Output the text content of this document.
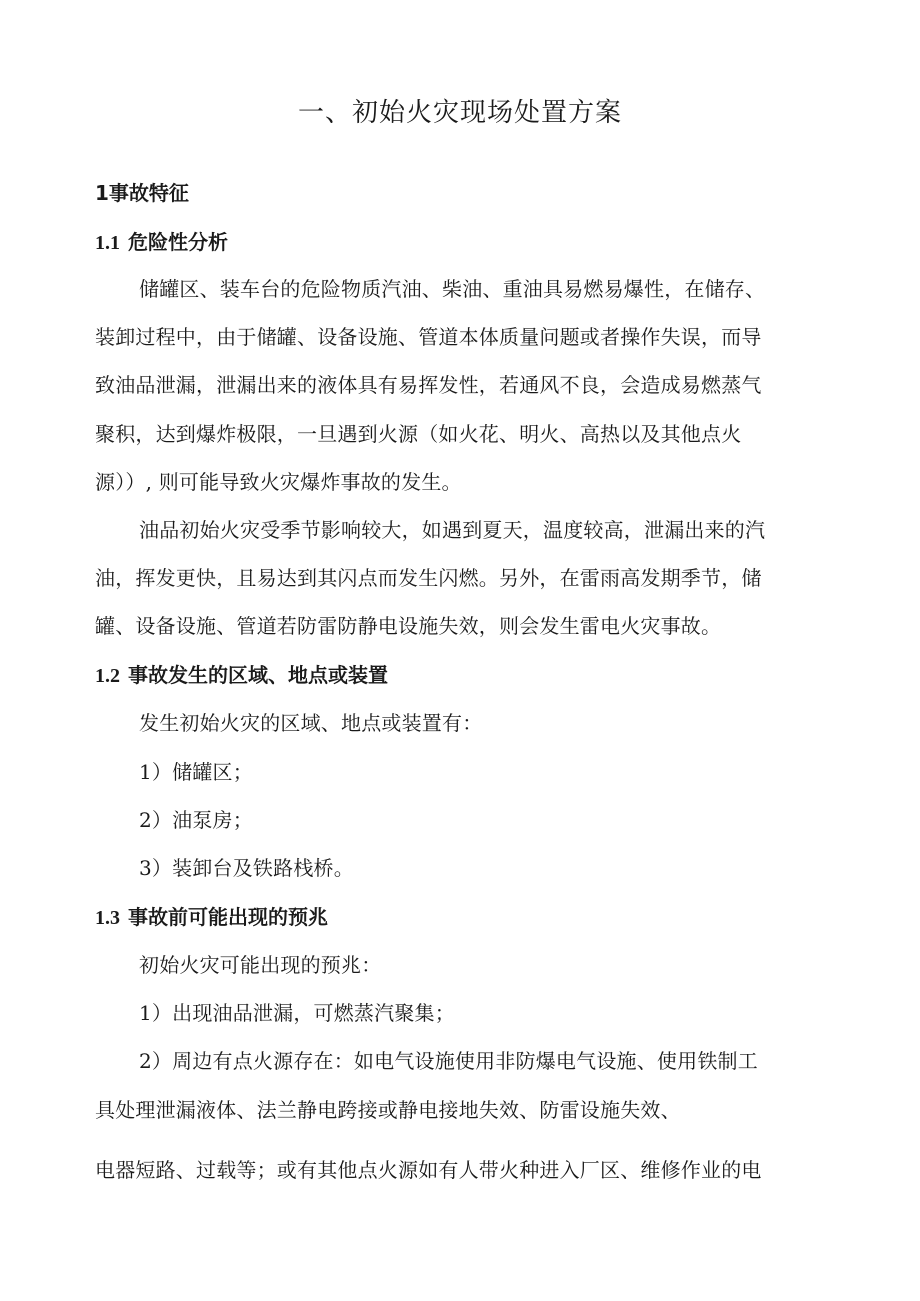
一、初始火灾现场处置方案
1事故特征
1.1 危险性分析
储罐区、装车台的危险物质汽油、柴油、重油具易燃易爆性，在储存、
装卸过程中，由于储罐、设备设施、管道本体质量问题或者操作失误，而导
致油品泄漏，泄漏出来的液体具有易挥发性，若通风不良，会造成易燃蒸气
聚积，达到爆炸极限，一旦遇到火源（如火花、明火、高热以及其他点火
源））, 则可能导致火灾爆炸事故的发生。
油品初始火灾受季节影响较大，如遇到夏天，温度较高，泄漏出来的汽
油，挥发更快，且易达到其闪点而发生闪燃。另外，在雷雨高发期季节，储
罐、设备设施、管道若防雷防静电设施失效，则会发生雷电火灾事故。
1.2 事故发生的区域、地点或装置
发生初始火灾的区域、地点或装置有：
1）储罐区；
2）油泵房；
3）装卸台及铁路栈桥。
1.3 事故前可能出现的预兆
初始火灾可能出现的预兆：
1）出现油品泄漏，可燃蒸汽聚集；
2）周边有点火源存在：如电气设施使用非防爆电气设施、使用铁制工
具处理泄漏液体、法兰静电跨接或静电接地失效、防雷设施失效、
电器短路、过载等；或有其他点火源如有人带火种进入厂区、维修作业的电
